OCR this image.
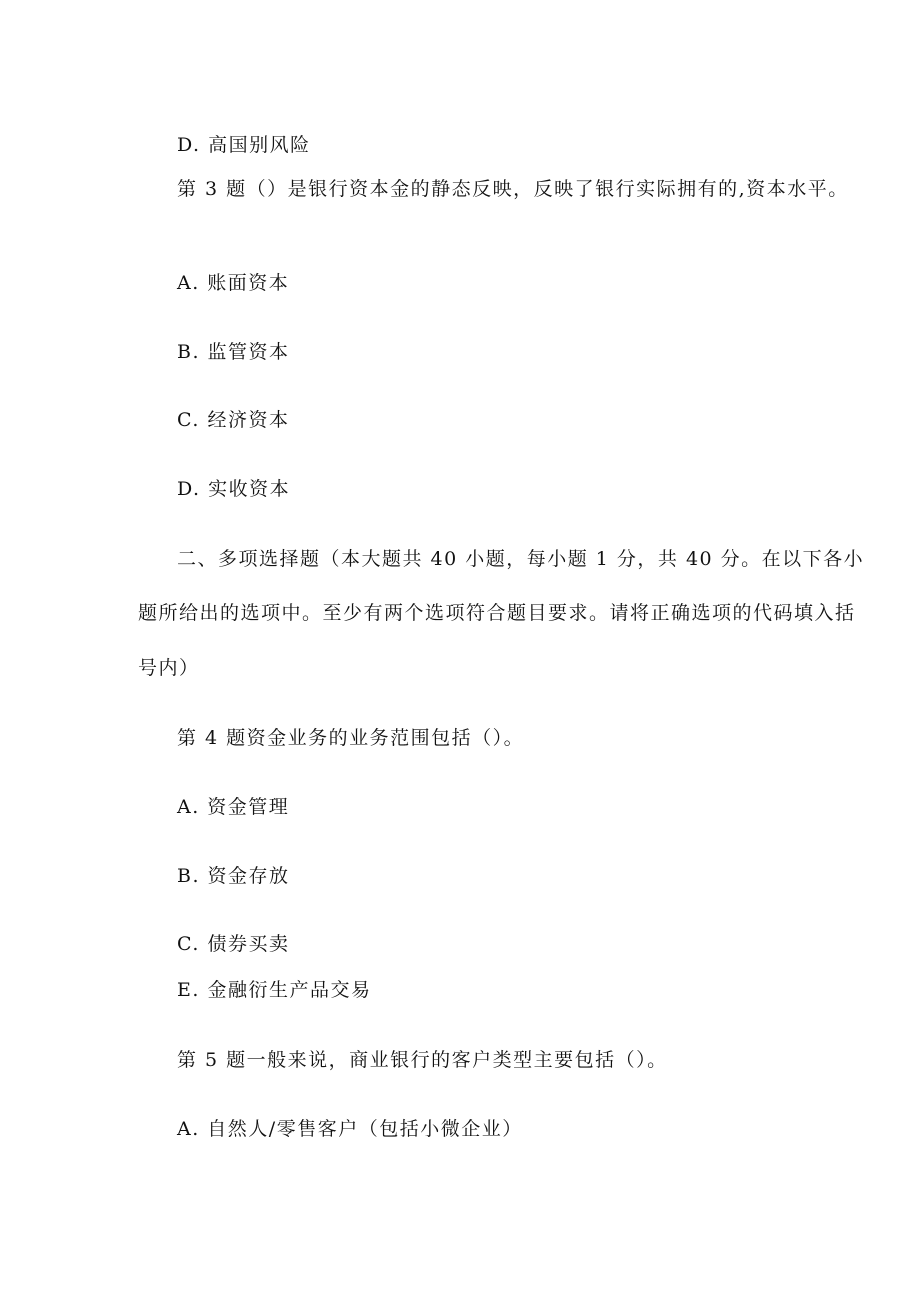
D. 高国别风险

第 3 题（）是银行资本金的静态反映，反映了银行实际拥有的,资本水平。

A. 账面资本

B. 监管资本

C. 经济资本

D. 实收资本

二、多项选择题（本大题共 40 小题，每小题 1 分，共 40 分。在以下各小

题所给出的选项中。至少有两个选项符合题目要求。请将正确选项的代码填入括

号内）

第 4 题资金业务的业务范围包括（）。

A. 资金管理

B. 资金存放

C. 债券买卖

E. 金融衍生产品交易

第 5 题一般来说，商业银行的客户类型主要包括（）。

A. 自然人/零售客户（包括小微企业）
